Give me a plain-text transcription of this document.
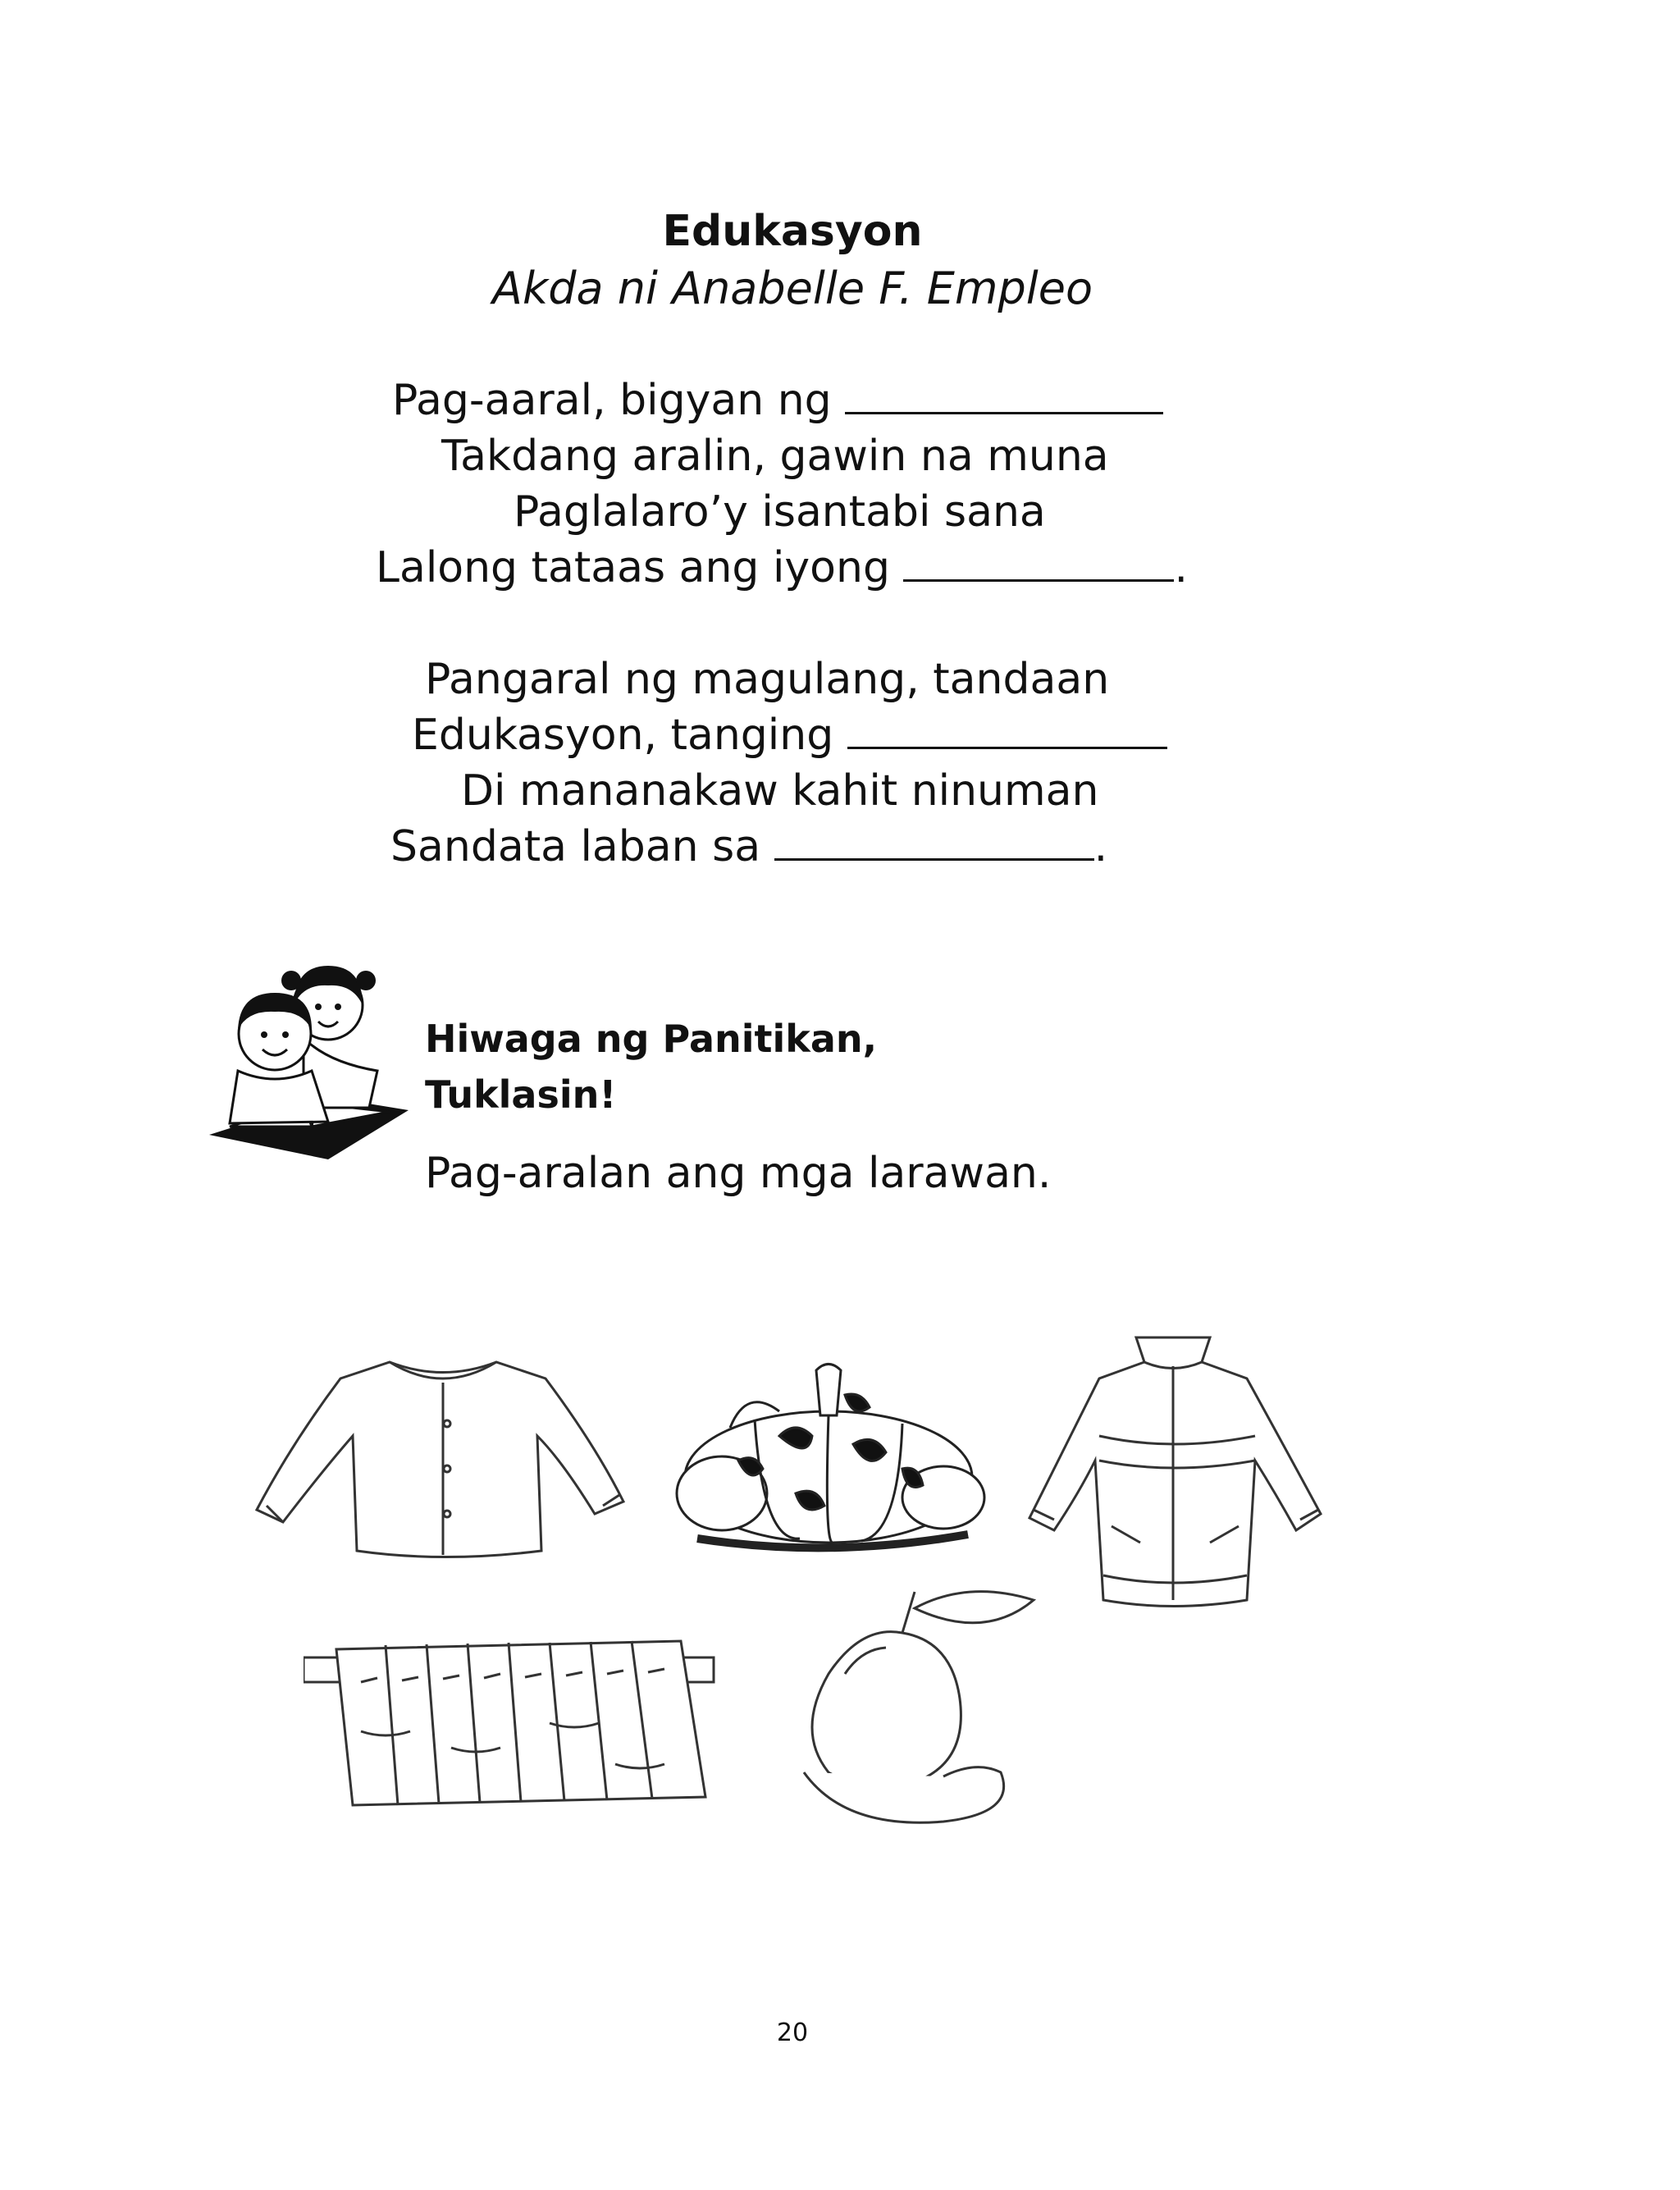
Edukasyon
Akda ni Anabelle F. Empleo
Pag-aaral, bigyan ng
Takdang aralin, gawin na muna
Paglalaro’y isantabi sana
Lalong tataas ang iyong	.
Pangaral ng magulang, tandaan
Edukasyon, tanging
Di mananakaw kahit ninuman
Sandata laban sa	.
Hiwaga ng Panitikan,
Tuklasin!
Pag-aralan ang mga larawan.
20
